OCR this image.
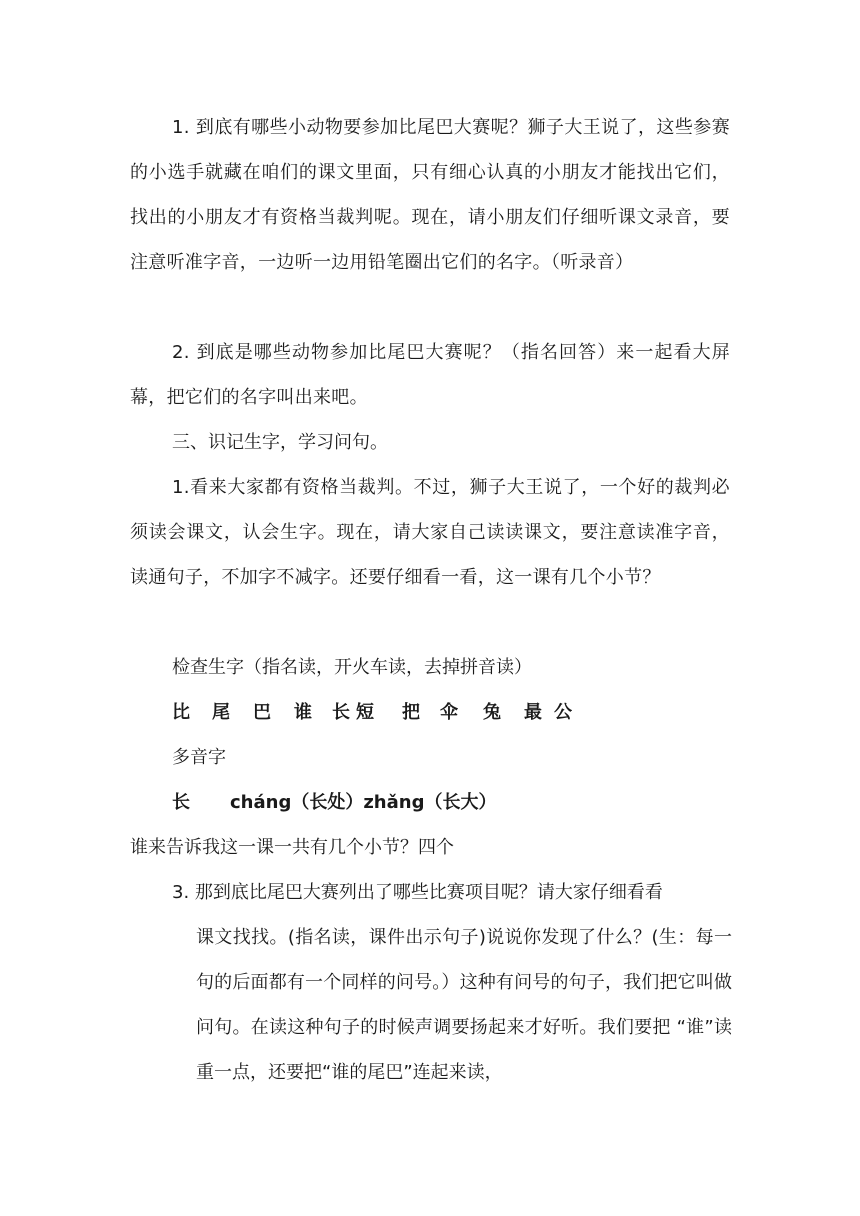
1. 到底有哪些小动物要参加比尾巴大赛呢？狮子大王说了，这些参赛的小选手就藏在咱们的课文里面，只有细心认真的小朋友才能找出它们，找出的小朋友才有资格当裁判呢。现在，请小朋友们仔细听课文录音，要注意听准字音，一边听一边用铅笔圈出它们的名字。（听录音）

2. 到底是哪些动物参加比尾巴大赛呢？（指名回答）来一起看大屏幕，把它们的名字叫出来吧。

三、识记生字，学习问句。

1.看来大家都有资格当裁判。不过，狮子大王说了，一个好的裁判必须读会课文，认会生字。现在，请大家自己读读课文，要注意读准字音，读通句子，不加字不减字。还要仔细看一看，这一课有几个小节？

检查生字（指名读，开火车读，去掉拼音读）

比 尾 巴 谁 长 短 把 伞 兔 最 公

多音字

长 cháng（长处）zhǎng（长大）

谁来告诉我这一课一共有几个小节？四个

3. 那到底比尾巴大赛列出了哪些比赛项目呢？请大家仔细看看
课文找找。(指名读，课件出示句子)说说你发现了什么？(生：每一句的后面都有一个同样的问号。）这种有问号的句子，我们把它叫做问句。在读这种句子的时候声调要扬起来才好听。我们要把 “谁”读重一点，还要把“谁的尾巴”连起来读，
